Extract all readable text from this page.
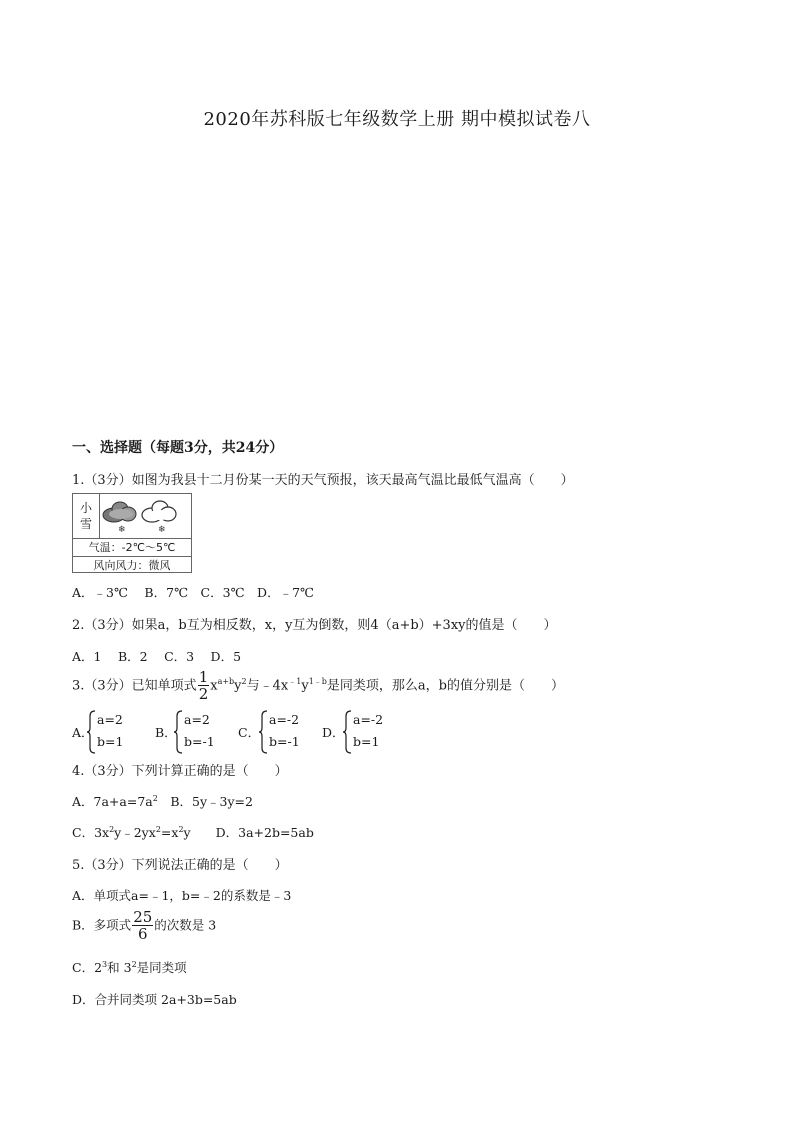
2020年苏科版七年级数学上册 期中模拟试卷八
一、选择题（每题3分，共24分）
1.（3分）如图为我县十二月份某一天的天气预报，该天最高气温比最低气温高（　　）
小
雪	❄	❄
气温：-2℃～5℃
风向风力：微风
A．﹣3℃　 B．7℃　C．3℃　D．﹣7℃
2.（3分）如果a，b互为相反数，x，y互为倒数，则4（a+b）+3xy的值是（　　）
A．1　 B．2　 C．3　 D．5
3.（3分）已知单项式 $\frac{1}{2} x^{a+b}y^2$与$﹣4x^{﹣1}y^{1﹣b}$是同类项，那么a，b的值分别是（　　）
A．
a=2
b=1
B．
a=2
b=-1
C．
a=-2
b=-1
D．
a=-2
b=1
4.（3分）下列计算正确的是（　　）
A．$7a+a=7a^2$　B．5y﹣3y=2
C．$3x^2y﹣2yx^2=x^2y$　　D．3a+2b=5ab
5.（3分）下列说法正确的是（　　）
A．单项式a=﹣1，b=﹣2的系数是﹣3
B．多项式 $\frac{25}{6}$ 的次数是 3
C．$2^3$和 $3^2$是同类项
D．合并同类项 2a+3b=5ab
